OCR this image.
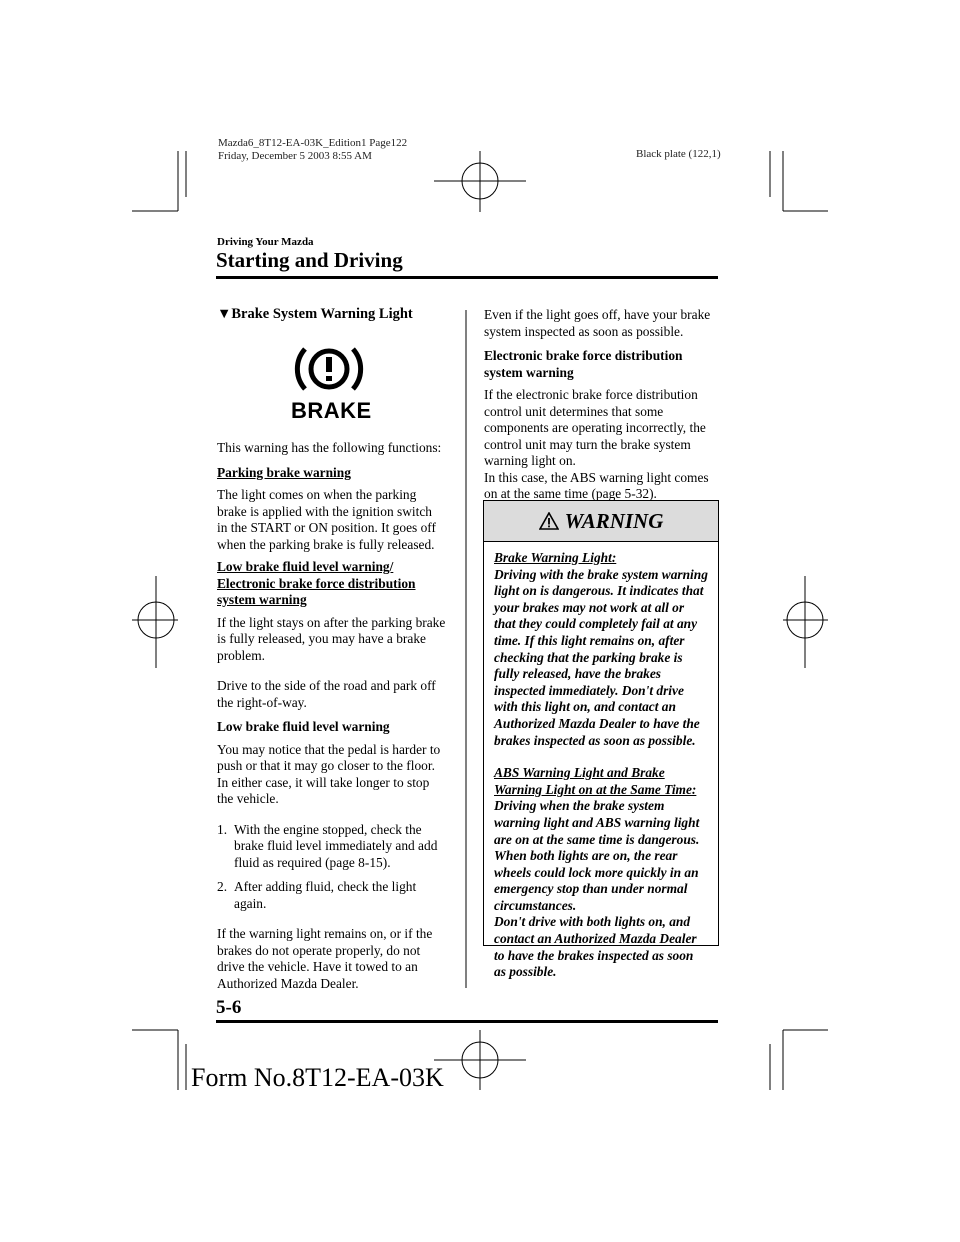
Mazda6_8T12-EA-03K_Edition1 Page122
Friday, December 5 2003 8:55 AM	Black plate (122,1)
Driving Your Mazda
Starting and Driving

▼Brake System Warning Light

BRAKE

This warning has the following functions:

Parking brake warning

The light comes on when the parking

brake is applied with the ignition switch

in the START or ON position. It goes off

when the parking brake is fully released.

Low brake fluid level warning/

Electronic brake force distribution

system warning

If the light stays on after the parking brake

is fully released, you may have a brake

problem.

Drive to the side of the road and park off

the right-of-way.

Low brake fluid level warning

You may notice that the pedal is harder to

push or that it may go closer to the floor.

In either case, it will take longer to stop

the vehicle.

1. With the engine stopped, check the

brake fluid level immediately and add

fluid as required (page 8-15).

2. After adding fluid, check the light

again.

If the warning light remains on, or if the

brakes do not operate properly, do not

drive the vehicle. Have it towed to an

Authorized Mazda Dealer.

Even if the light goes off, have your brake

system inspected as soon as possible.

Electronic brake force distribution

system warning

If the electronic brake force distribution

control unit determines that some

components are operating incorrectly, the

control unit may turn the brake system

warning light on.

In this case, the ABS warning light comes

on at the same time (page 5-32).

WARNING

Brake Warning Light:

Driving with the brake system warning

light on is dangerous. It indicates that

your brakes may not work at all or

that they could completely fail at any

time. If this light remains on, after

checking that the parking brake is

fully released, have the brakes

inspected immediately. Don't drive

with this light on, and contact an

Authorized Mazda Dealer to have the

brakes inspected as soon as possible.

ABS Warning Light and Brake

Warning Light on at the Same Time:

Driving when the brake system

warning light and ABS warning light

are on at the same time is dangerous.

When both lights are on, the rear

wheels could lock more quickly in an

emergency stop than under normal

circumstances.

Don't drive with both lights on, and

contact an Authorized Mazda Dealer

to have the brakes inspected as soon

as possible.

5-6
Form No.8T12-EA-03K
